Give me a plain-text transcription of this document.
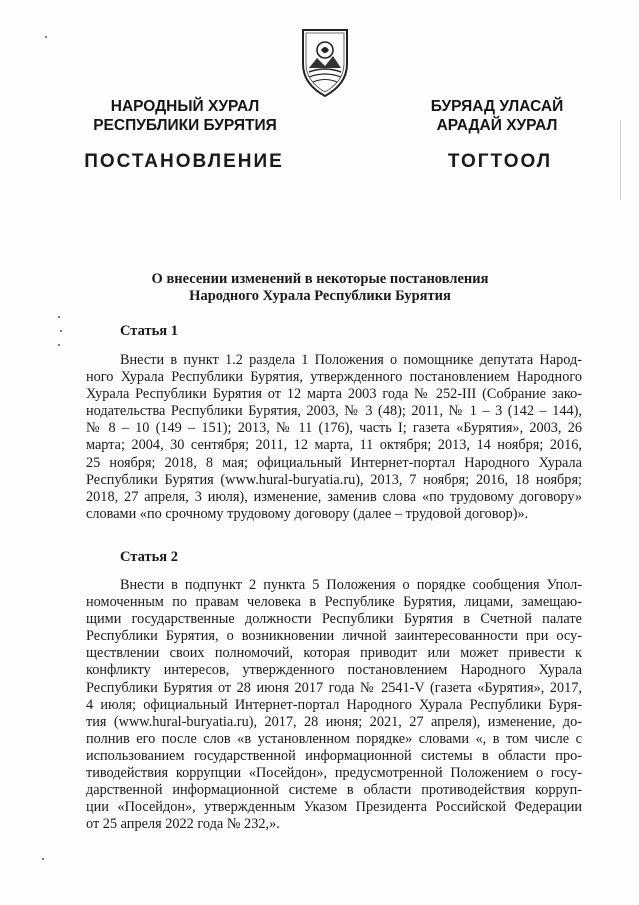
НАРОДНЫЙ ХУРАЛ
РЕСПУБЛИКИ БУРЯТИЯ
БУРЯАД УЛАСАЙ
АРАДАЙ ХУРАЛ
ПОСТАНОВЛЕНИЕ	ТОГТООЛ
О внесении изменений в некоторые постановления
Народного Хурала Республики Бурятия
Статья 1
Внести в пункт 1.2 раздела 1 Положения о помощнике депутата Народ-
ного Хурала Республики Бурятия, утвержденного постановлением Народного
Хурала Республики Бурятия от 12 марта 2003 года № 252-III (Собрание зако-
нодательства Республики Бурятия, 2003, № 3 (48); 2011, № 1 – 3 (142 – 144),
№ 8 – 10 (149 – 151); 2013, № 11 (176), часть I; газета «Бурятия», 2003, 26
марта; 2004, 30 сентября; 2011, 12 марта, 11 октября; 2013, 14 ноября; 2016,
25 ноября; 2018, 8 мая; официальный Интернет-портал Народного Хурала
Республики Бурятия (www.hural-buryatia.ru), 2013, 7 ноября; 2016, 18 ноября;
2018, 27 апреля, 3 июля), изменение, заменив слова «по трудовому договору»
словами «по срочному трудовому договору (далее – трудовой договор)».
Статья 2
Внести в подпункт 2 пункта 5 Положения о порядке сообщения Упол-
номоченным по правам человека в Республике Бурятия, лицами, замещаю-
щими государственные должности Республики Бурятия в Счетной палате
Республики Бурятия, о возникновении личной заинтересованности при осу-
ществлении своих полномочий, которая приводит или может привести к
конфликту интересов, утвержденного постановлением Народного Хурала
Республики Бурятия от 28 июня 2017 года № 2541-V (газета «Бурятия», 2017,
4 июля; официальный Интернет-портал Народного Хурала Республики Буря-
тия (www.hural-buryatia.ru), 2017, 28 июня; 2021, 27 апреля), изменение, до-
полнив его после слов «в установленном порядке» словами «, в том числе с
использованием государственной информационной системы в области про-
тиводействия коррупции «Посейдон», предусмотренной Положением о госу-
дарственной информационной системе в области противодействия корруп-
ции «Посейдон», утвержденным Указом Президента Российской Федерации
от 25 апреля 2022 года № 232,».
